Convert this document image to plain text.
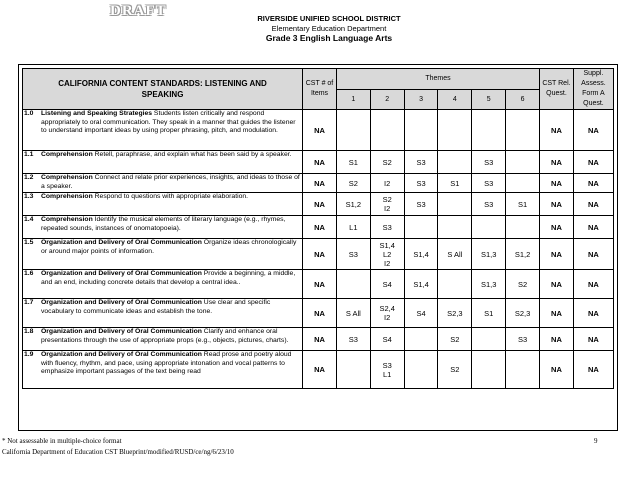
DRAFT	RIVERSIDE UNIFIED SCHOOL DISTRICT
Elementary Education Department
Grade 3 English Language Arts
CALIFORNIA CONTENT STANDARDS: LISTENING AND SPEAKING	CST # of Items	Themes						CST Rel. Quest.	Suppl. Assess. Form A Quest.
		1	2	3	4	5	6		

1.0 Listening and Speaking Strategies Students listen critically and respond appropriately to oral communication. They speak in a manner that guides the listener to understand important ideas by using proper phrasing, pitch, and modulation.	NA							NA	NA

1.1 Comprehension Retell, paraphrase, and explain what has been said by a speaker.	NA	S1	S2	S3		S3		NA	NA

1.2 Comprehension Connect and relate prior experiences, insights, and ideas to those of a speaker.	NA	S2	I2	S3	S1	S3		NA	NA

1.3 Comprehension Respond to questions with appropriate elaboration.	NA	S1,2	S2
I2	S3		S3	S1	NA	NA

1.4 Comprehension Identify the musical elements of literary language (e.g., rhymes, repeated sounds, instances of onomatopoeia).	NA	L1	S3					NA	NA

1.5 Organization and Delivery of Oral Communication Organize ideas chronologically or around major points of information.	NA	S3	S1,4
L2
I2	S1,4	S All	S1,3	S1,2	NA	NA

1.6 Organization and Delivery of Oral Communication Provide a beginning, a middle, and an end, including concrete details that develop a central idea..	NA		S4	S1,4		S1,3	S2	NA	NA

1.7 Organization and Delivery of Oral Communication Use clear and specific vocabulary to communicate ideas and establish the tone.	NA	S All	S2,4
I2	S4	S2,3	S1	S2,3	NA	NA

1.8 Organization and Delivery of Oral Communication Clarify and enhance oral presentations through the use of appropriate props (e.g., objects, pictures, charts).	NA	S3	S4		S2		S3	NA	NA

1.9 Organization and Delivery of Oral Communication Read prose and poetry aloud with fluency, rhythm, and pace, using appropriate intonation and vocal patterns to emphasize important passages of the text being read	NA		S3
L1		S2			NA	NA
* Not assessable in multiple-choice format	9
California Department of Education CST Blueprint/modified/RUSD/ce/ng/6/23/10
